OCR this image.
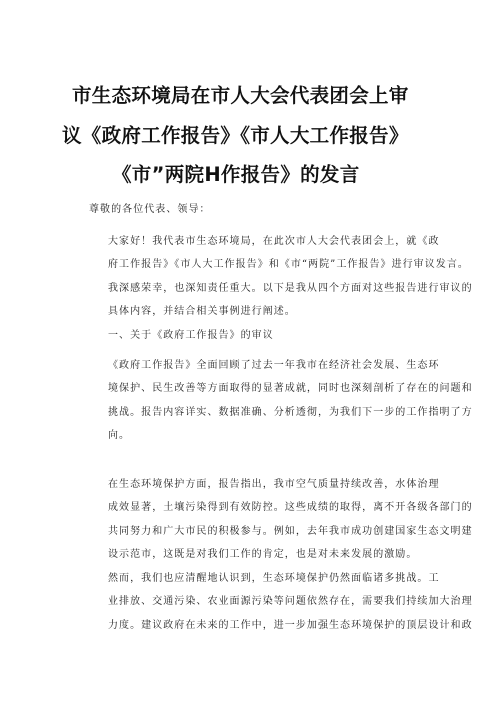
市生态环境局在市人大会代表团会上审
议《政府工作报告》《市人大工作报告》
《市”两院H作报告》的发言
尊敬的各位代表、领导：
大家好！我代表市生态环境局，在此次市人大会代表团会上，就《政
府工作报告》《市人大工作报告》和《市“两院”工作报告》进行审议发言。
我深感荣幸，也深知责任重大。以下是我从四个方面对这些报告进行审议的
具体内容，并结合相关事例进行阐述。
一、关于《政府工作报告》的审议
《政府工作报告》全面回顾了过去一年我市在经济社会发展、生态环
境保护、民生改善等方面取得的显著成就，同时也深刻剖析了存在的问题和
挑战。报告内容详实、数据准确、分析透彻，为我们下一步的工作指明了方
向。
在生态环境保护方面，报告指出，我市空气质量持续改善，水体治理
成效显著，土壤污染得到有效防控。这些成绩的取得，离不开各级各部门的
共同努力和广大市民的积极参与。例如，去年我市成功创建国家生态文明建
设示范市，这既是对我们工作的肯定，也是对未来发展的激励。
然而，我们也应清醒地认识到，生态环境保护仍然面临诸多挑战。工
业排放、交通污染、农业面源污染等问题依然存在，需要我们持续加大治理
力度。建议政府在未来的工作中，进一步加强生态环境保护的顶层设计和政
